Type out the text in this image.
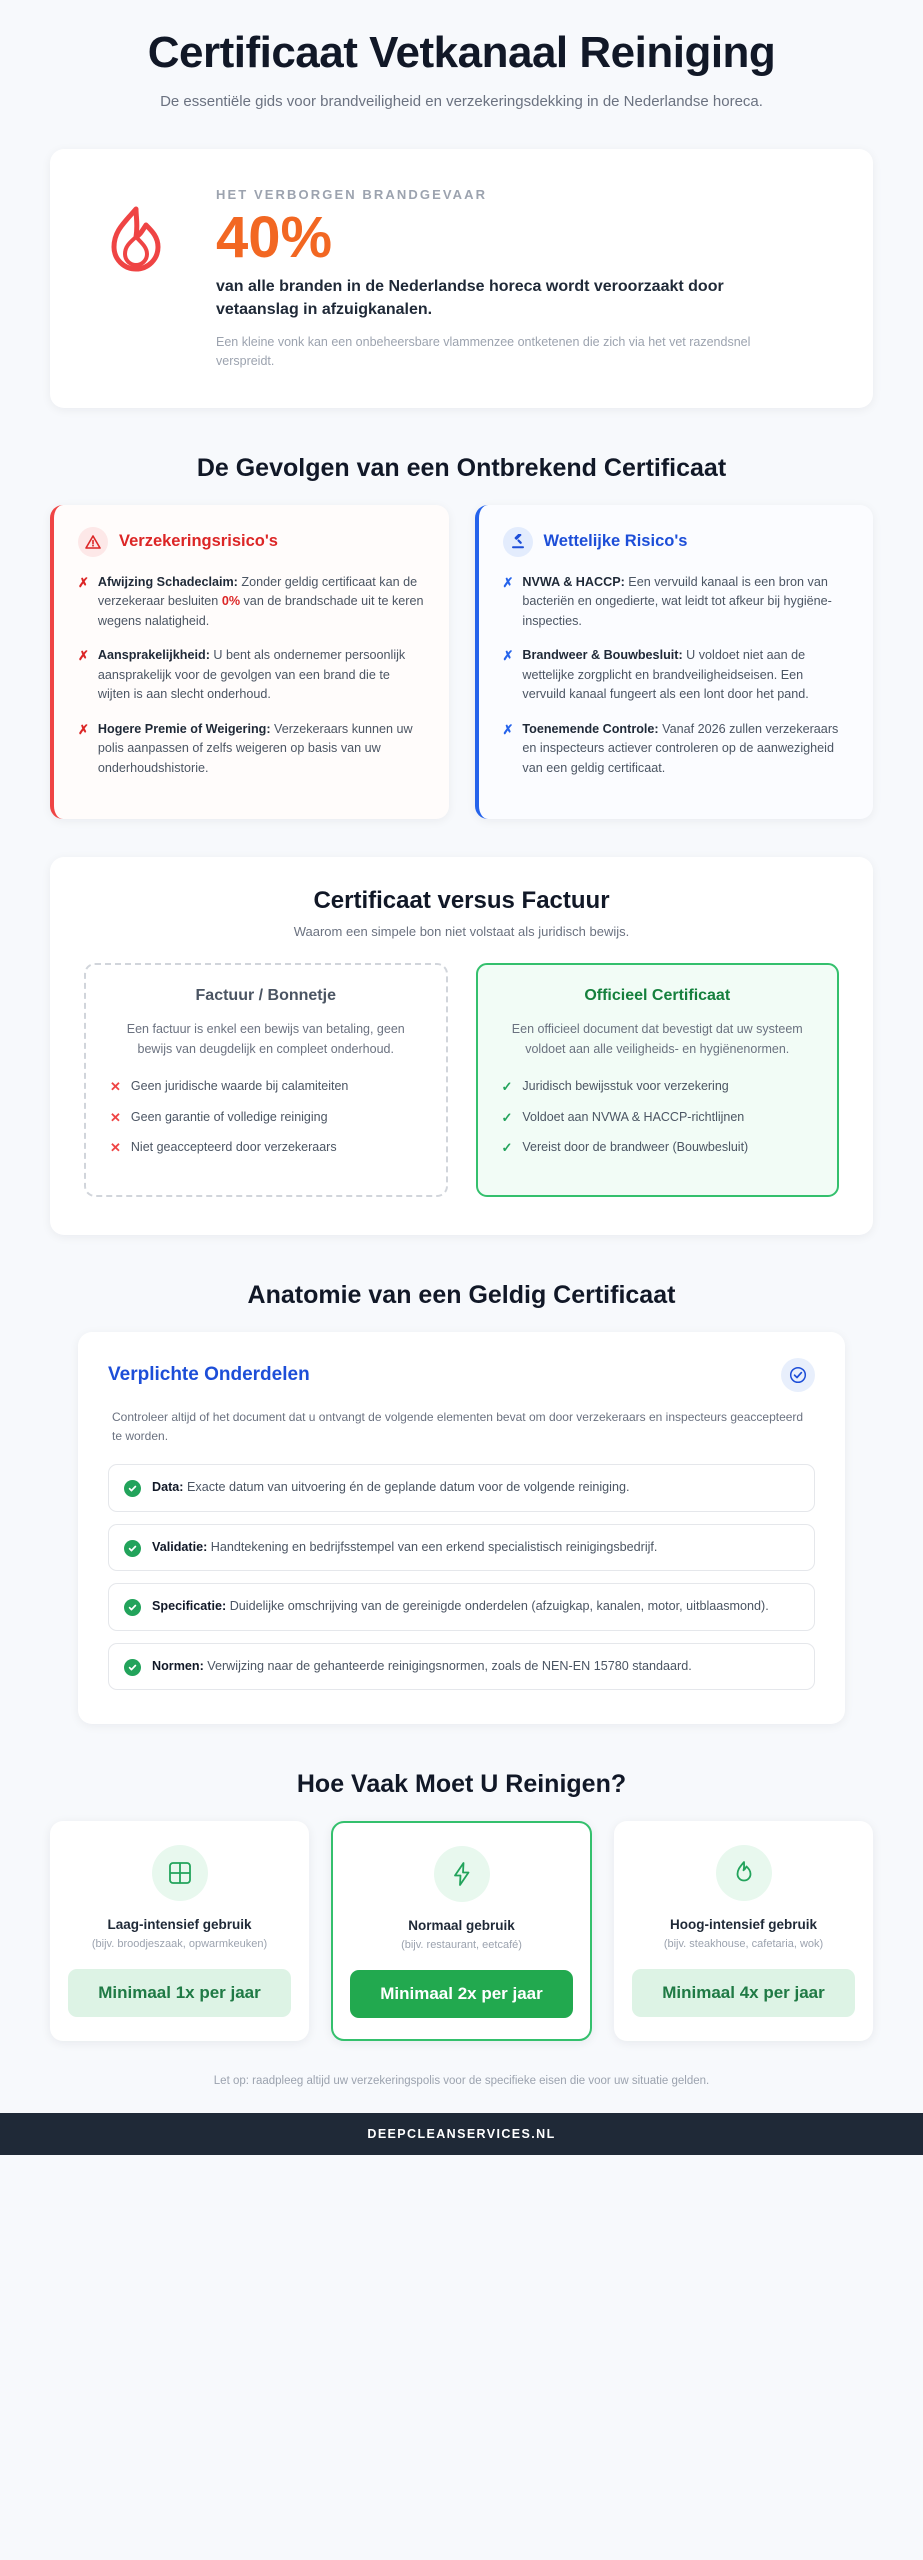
Certificaat Vetkanaal Reiniging
De essentiële gids voor brandveiligheid en verzekeringsdekking in de Nederlandse horeca.
HET VERBORGEN BRANDGEVAAR
40%
van alle branden in de Nederlandse horeca wordt veroorzaakt door vetaanslag in afzuigkanalen.
Een kleine vonk kan een onbeheersbare vlammenzee ontketenen die zich via het vet razendsnel verspreidt.
De Gevolgen van een Ontbrekend Certificaat
Verzekeringsrisico's
✗ Afwijzing Schadeclaim: Zonder geldig certificaat kan de verzekeraar besluiten 0% van de brandschade uit te keren wegens nalatigheid.
✗ Aansprakelijkheid: U bent als ondernemer persoonlijk aansprakelijk voor de gevolgen van een brand die te wijten is aan slecht onderhoud.
✗ Hogere Premie of Weigering: Verzekeraars kunnen uw polis aanpassen of zelfs weigeren op basis van uw onderhoudshistorie.
Wettelijke Risico's
✗ NVWA & HACCP: Een vervuild kanaal is een bron van bacteriën en ongedierte, wat leidt tot afkeur bij hygiëne-inspecties.
✗ Brandweer & Bouwbesluit: U voldoet niet aan de wettelijke zorgplicht en brandveiligheidseisen. Een vervuild kanaal fungeert als een lont door het pand.
✗ Toenemende Controle: Vanaf 2026 zullen verzekeraars en inspecteurs actiever controleren op de aanwezigheid van een geldig certificaat.
Certificaat versus Factuur
Waarom een simpele bon niet volstaat als juridisch bewijs.
Factuur / Bonnetje

Een factuur is enkel een bewijs van betaling, geen bewijs van deugdelijk en compleet onderhoud.

✕ Geen juridische waarde bij calamiteiten
✕ Geen garantie of volledige reiniging
✕ Niet geaccepteerd door verzekeraars
Officieel Certificaat

Een officieel document dat bevestigt dat uw systeem voldoet aan alle veiligheids- en hygiënenormen.

✓ Juridisch bewijsstuk voor verzekering
✓ Voldoet aan NVWA & HACCP-richtlijnen
✓ Vereist door de brandweer (Bouwbesluit)
Anatomie van een Geldig Certificaat
Verplichte Onderdelen
Controleer altijd of het document dat u ontvangt de volgende elementen bevat om door verzekeraars en inspecteurs geaccepteerd te worden.
Data: Exacte datum van uitvoering én de geplande datum voor de volgende reiniging.
Validatie: Handtekening en bedrijfsstempel van een erkend specialistisch reinigingsbedrijf.
Specificatie: Duidelijke omschrijving van de gereinigde onderdelen (afzuigkap, kanalen, motor, uitblaasmond).
Normen: Verwijzing naar de gehanteerde reinigingsnormen, zoals de NEN-EN 15780 standaard.
Hoe Vaak Moet U Reinigen?
Laag-intensief gebruik
(bijv. broodjeszaak, opwarmkeuken)
Minimaal 1x per jaar
Normaal gebruik
(bijv. restaurant, eetcafé)
Minimaal 2x per jaar
Hoog-intensief gebruik
(bijv. steakhouse, cafetaria, wok)
Minimaal 4x per jaar
Let op: raadpleeg altijd uw verzekeringspolis voor de specifieke eisen die voor uw situatie gelden.
DEEPCLEANSERVICES.NL
